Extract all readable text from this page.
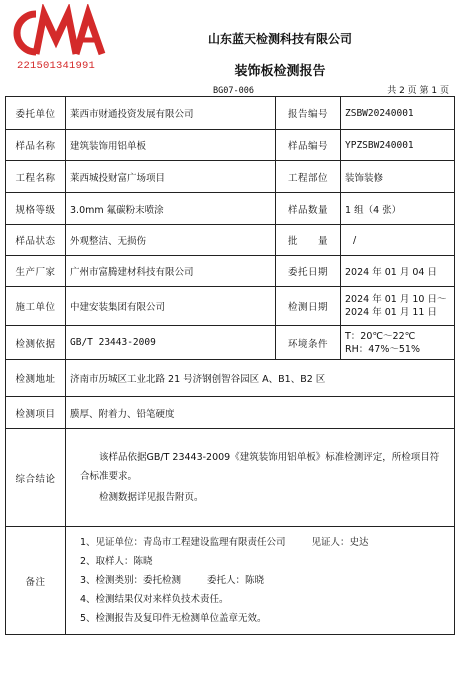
221501341991
山东蓝天检测科技有限公司
装饰板检测报告
BG07-006	共 2 页 第 1 页
委托单位	莱西市财通投资发展有限公司	报告编号	ZSBW20240001
样品名称	建筑装饰用铝单板	样品编号	YPZSBW240001
工程名称	莱西城投财富广场项目	工程部位	装饰装修
规格等级	3.0mm 氟碳粉末喷涂	样品数量	1 组（4 张）
样品状态	外观整洁、无损伤	批　　量	/
生产厂家	广州市富腾建材科技有限公司	委托日期	2024 年 01 月 04 日
施工单位	中建安装集团有限公司	检测日期	2024 年 01 月 10 日～
2024 年 01 月 11 日

检测依据	GB/T 23443-2009	环境条件	T：20℃～22℃
RH：47%～51%

检测地址	济南市历城区工业北路 21 号济钢创智谷园区 A、B1、B2 区		
检测项目	膜厚、附着力、铅笔硬度		
综合结论	该样品依据GB/T 23443-2009《建筑装饰用铝单板》标准检测评定，所检项目符合标准要求。

检测数据详见报告附页。		

备注	1、见证单位：青岛市工程建设监理有限责任公司 见证人：史达

2、取样人：陈晓

3、检测类别：委托检测 委托人：陈晓

4、检测结果仅对来样负技术责任。

5、检测报告及复印件无检测单位盖章无效。		
